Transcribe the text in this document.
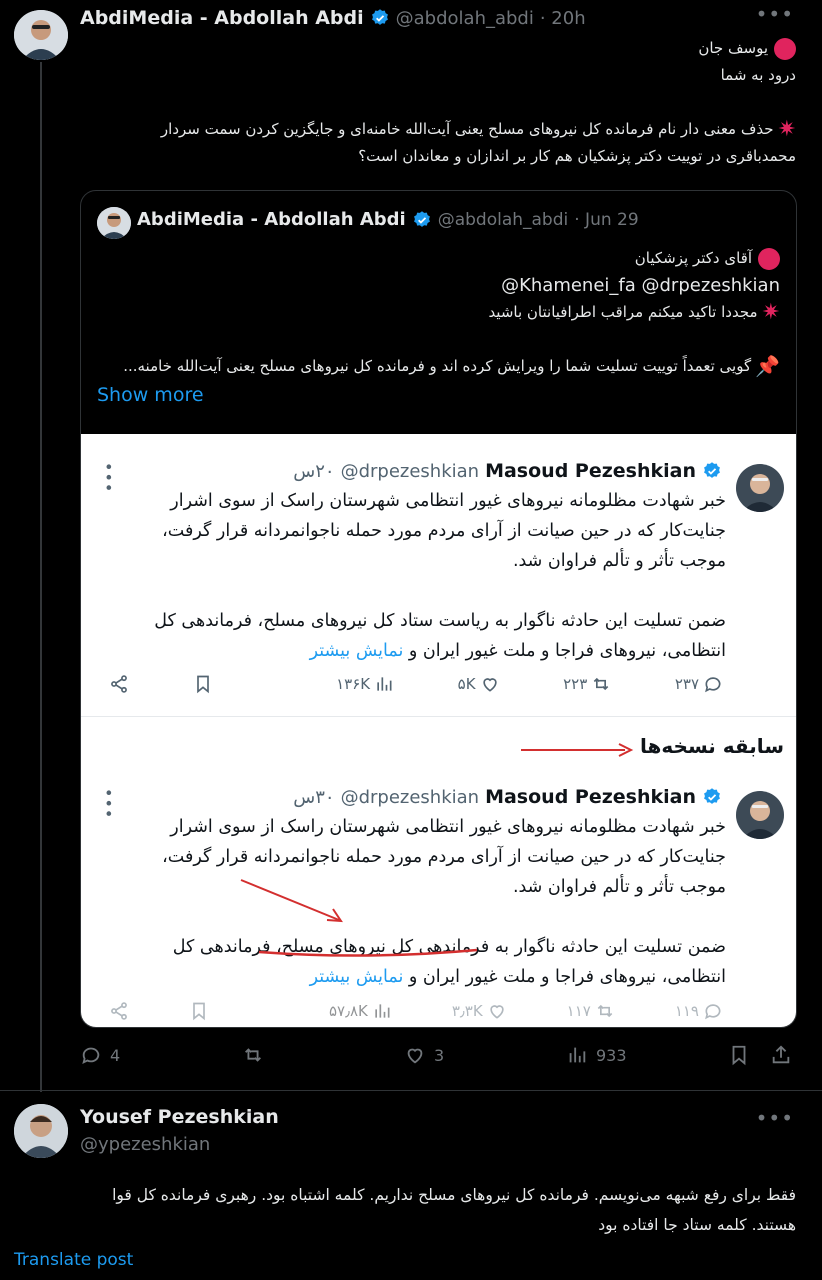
AbdiMedia - Abdollah Abdi @abdolah_abdi · 20h	•••
یوسف جان
درود به شما
✷
حذف معنی دار نام فرمانده کل نیروهای مسلح یعنی آیت‌الله خامنه‌ای و جایگزین کردن سمت سردار
محمدباقری در توییت دکتر پزشکیان هم کار بر اندازان و معاندان است؟
AbdiMedia - Abdollah Abdi @abdolah_abdi · Jun 29
آقای دکتر پزشکیان
@Khamenei_fa @drpezeshkian
✷
مجددا تاکید میکنم مراقب اطرافیانتان باشید
📌
گویی تعمداً توییت تسلیت شما را ویرایش کرده اند و فرمانده کل نیروهای مسلح یعنی آیت‌الله خامنه...
Show more
•••	Masoud Pezeshkian
@drpezeshkian
۲۰س
خبر شهادت مظلومانه نیروهای غیور انتظامی شهرستان راسک از سوی اشرار
جنایت‌کار که در حین صیانت از آرای مردم مورد حمله ناجوانمردانه قرار گرفت،
موجب تأثر و تألم فراوان شد.
ضمن تسلیت این حادثه ناگوار به ریاست ستاد کل نیروهای مسلح، فرماندهی کل
انتظامی، نیروهای فراجا و ملت غیور ایران و نمایش بیشتر
۱۳۶K	۵K	۲۲۳	۲۳۷
سابقه نسخه‌ها
•••	Masoud Pezeshkian
@drpezeshkian
۳۰س
خبر شهادت مظلومانه نیروهای غیور انتظامی شهرستان راسک از سوی اشرار
جنایت‌کار که در حین صیانت از آرای مردم مورد حمله ناجوانمردانه قرار گرفت،
موجب تأثر و تألم فراوان شد.
ضمن تسلیت این حادثه ناگوار به فرماندهی کل نیروهای مسلح، فرماندهی کل
انتظامی، نیروهای فراجا و ملت غیور ایران و نمایش بیشتر
۵۷٫۸K	۳٫۳K	۱۱۷	۱۱۹
4	3	933
Yousef Pezeshkian
@ypezeshkian
•••
فقط برای رفع شبهه می‌نویسم. فرمانده کل نیروهای مسلح نداریم. کلمه اشتباه بود. رهبری فرمانده کل قوا
هستند. کلمه ستاد جا افتاده بود
Translate post
